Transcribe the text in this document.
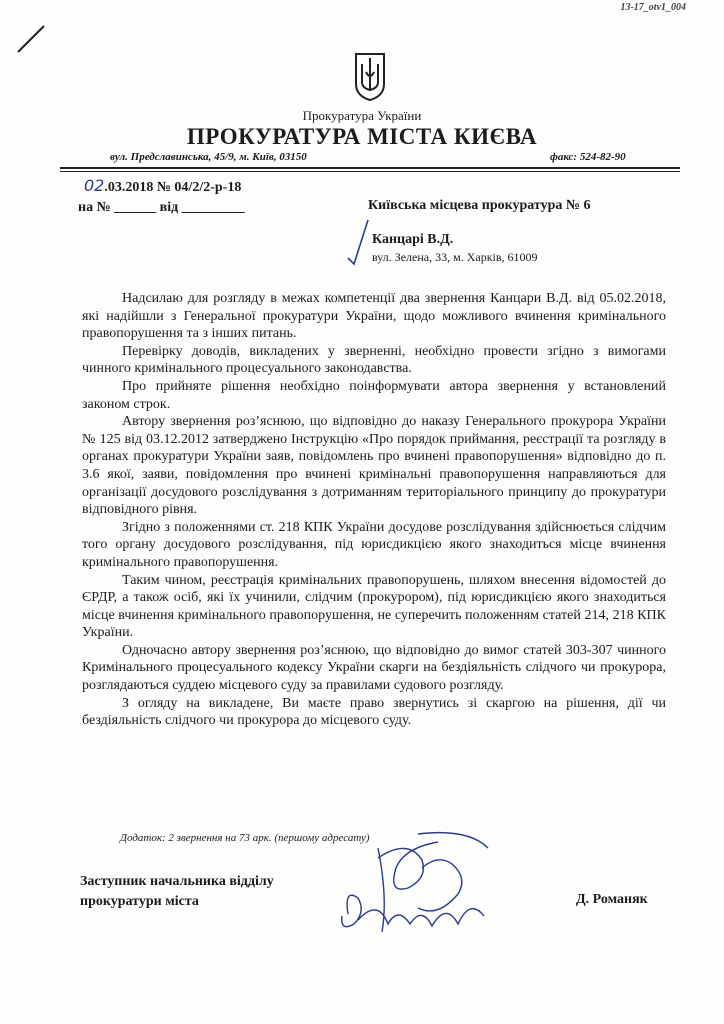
13-17_otv1_004
Прокуратура України
ПРОКУРАТУРА МІСТА КИЄВА
вул. Предславинська, 45/9, м. Київ, 03150	факс: 524-82-90
02.03.2018 № 04/2/2-р-18
на № ______ від _________	Київська місцева прокуратура № 6
Канцарі В.Д.
вул. Зелена, 33, м. Харків, 61009

Надсилаю для розгляду в межах компетенції два звернення Канцари В.Д. від 05.02.2018, які надійшли з Генеральної прокуратури України, щодо можливого вчинення кримінального правопорушення та з інших питань.

Перевірку доводів, викладених у зверненні, необхідно провести згідно з вимогами чинного кримінального процесуального законодавства.

Про прийняте рішення необхідно поінформувати автора звернення у встановлений законом строк.

Автору звернення роз’яснюю, що відповідно до наказу Генерального прокурора України № 125 від 03.12.2012 затверджено Інструкцію «Про порядок приймання, реєстрації та розгляду в органах прокуратури України заяв, повідомлень про вчинені правопорушення» відповідно до п. 3.6 якої, заяви, повідомлення про вчинені кримінальні правопорушення направляються для організації досудового розслідування з дотриманням територіального принципу до прокуратури відповідного рівня.

Згідно з положеннями ст. 218 КПК України досудове розслідування здійснюється слідчим того органу досудового розслідування, під юрисдикцією якого знаходиться місце вчинення кримінального правопорушення.

Таким чином, реєстрація кримінальних правопорушень, шляхом внесення відомостей до ЄРДР, а також осіб, які їх учинили, слідчим (прокурором), під юрисдикцією якого знаходиться місце вчинення кримінального правопорушення, не суперечить положенням статей 214, 218 КПК України.

Одночасно автору звернення роз’яснюю, що відповідно до вимог статей 303-307 чинного Кримінального процесуального кодексу України скарги на бездіяльність слідчого чи прокурора, розглядаються суддею місцевого суду за правилами судового розгляду.

З огляду на викладене, Ви маєте право звернутись зі скаргою на рішення, дії чи бездіяльність слідчого чи прокурора до місцевого суду.

Додаток: 2 звернення на 73 арк. (першому адресату)
Заступник начальника відділу
прокуратури міста	Д. Романяк
